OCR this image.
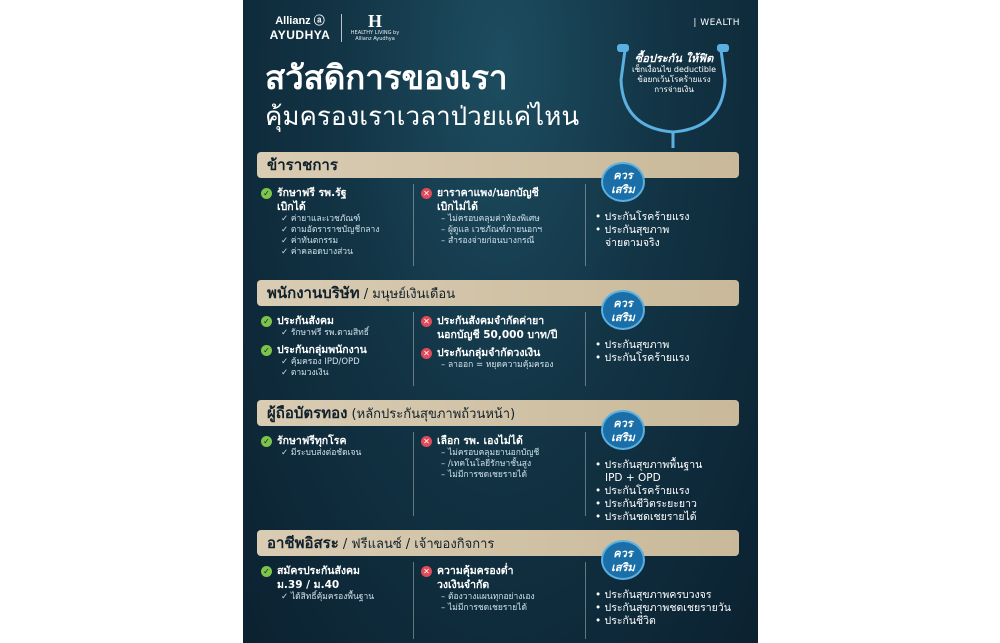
Allianz ⓐ
AYUDHYA
H
HEALTHY LIVING by Allianz Ayudhya
| WEALTH
สวัสดิการของเรา
คุ้มครองเราเวลาป่วยแค่ไหน
ซื้อประกัน ให้ฟิต
เช็กเงื่อนไข deductible
ข้อยกเว้นโรคร้ายแรง
การจ่ายเงิน
ข้าราชการ
ควร
เสริม
✓ รักษาฟรี รพ.รัฐ
เบิกได้
✓ ค่ายาและเวชภัณฑ์
✓ ตามอัตราราชบัญชีกลาง
✓ ค่าทันตกรรม
✓ ค่าคลอดบางส่วน
✕ ยาราคาแพง/นอกบัญชี
เบิกไม่ได้
– ไม่ครอบคลุมค่าห้องพิเศษ
– ผู้ดูแล เวชภัณฑ์ภายนอกฯ
– สำรองจ่ายก่อนบางกรณี
• ประกันโรคร้ายแรง
• ประกันสุขภาพ
จ่ายตามจริง
พนักงานบริษัท / มนุษย์เงินเดือน
ควร
เสริม
✓ ประกันสังคม
✓ รักษาฟรี รพ.ตามสิทธิ์
✓ ประกันกลุ่มพนักงาน
✓ คุ้มครอง IPD/OPD
✓ ตามวงเงิน
✕ ประกันสังคมจำกัดค่ายา
นอกบัญชี 50,000 บาท/ปี
✕ ประกันกลุ่มจำกัดวงเงิน
– ลาออก = หยุดความคุ้มครอง
• ประกันสุขภาพ
• ประกันโรคร้ายแรง
ผู้ถือบัตรทอง (หลักประกันสุขภาพถ้วนหน้า)
ควร
เสริม
✓ รักษาฟรีทุกโรค
✓ มีระบบส่งต่อชัดเจน
✕ เลือก รพ. เองไม่ได้
– ไม่ครอบคลุมยานอกบัญชี
– /เทคโนโลยีรักษาชั้นสูง
– ไม่มีการชดเชยรายได้
• ประกันสุขภาพพื้นฐาน
IPD + OPD
• ประกันโรคร้ายแรง
• ประกันชีวิตระยะยาว
• ประกันชดเชยรายได้
อาชีพอิสระ / ฟรีแลนซ์ / เจ้าของกิจการ
ควร
เสริม
✓ สมัครประกันสังคม
ม.39 / ม.40
✓ ได้สิทธิ์คุ้มครองพื้นฐาน
✕ ความคุ้มครองต่ำ
วงเงินจำกัด
– ต้องวางแผนทุกอย่างเอง
– ไม่มีการชดเชยรายได้
• ประกันสุขภาพครบวงจร
• ประกันสุขภาพชดเชยรายวัน
• ประกันชีวิต
